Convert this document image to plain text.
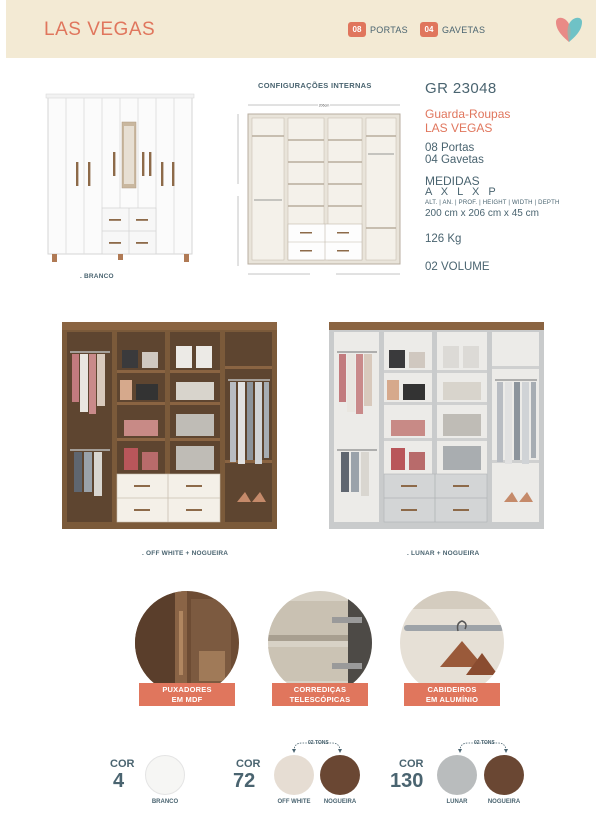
LAS VEGAS	08 PORTAS	04 GAVETAS
. BRANCO
CONFIGURAÇÕES INTERNAS
206cm
GR 23048
Guarda-Roupas
LAS VEGAS
08 Portas
04 Gavetas
MEDIDAS
A X L X P
ALT. | AN. | PROF. | HEIGHT | WIDTH | DEPTH
200 cm x 206 cm x 45 cm
126 Kg
02 VOLUME
. OFF WHITE + NOGUEIRA	. LUNAR + NOGUEIRA
PUXADORES
EM MDF
CORREDIÇAS
TELESCÓPICAS
CABIDEIROS
EM ALUMÍNIO
COR
4
BRANCO
COR
72
02 TONS
OFF WHITE	NOGUEIRA
COR
130
02 TONS
LUNAR	NOGUEIRA
